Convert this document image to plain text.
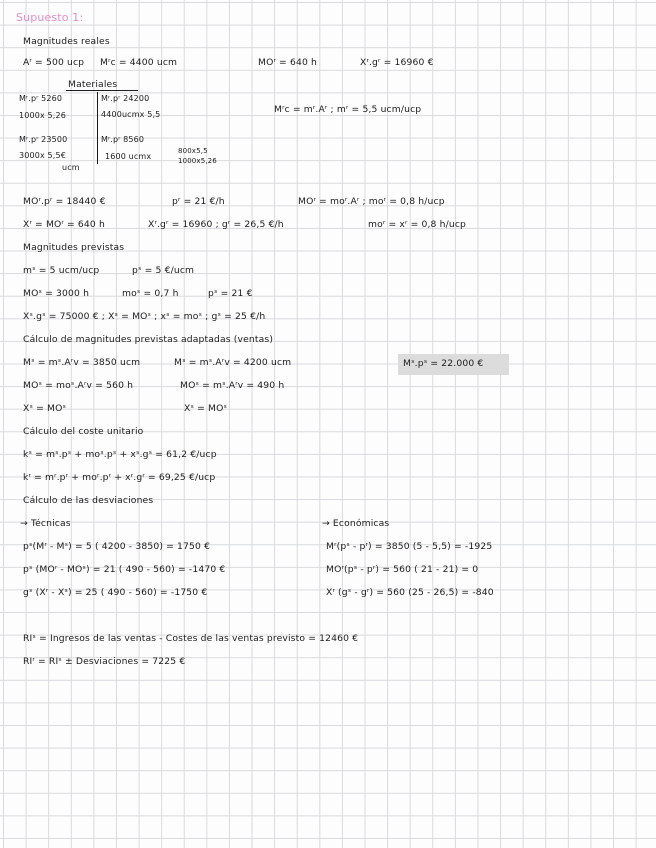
Supuesto 1:
Magnitudes reales
Aʳ = 500 ucp Mʳc = 4400 ucm	MOʳ = 640 h	Xʳ.gʳ = 16960 €
Materiales
Mʳ.pʳ 5260
1000x 5,26
Mʳ.pʳ 23500
3000x 5,5€
ucm
Mʳ.pʳ 24200
4400ucmx 5,5
Mʳ.pʳ 8560
1600 ucmx
800x5,5
1000x5,26
Mʳc = mʳ.Aʳ ; mʳ = 5,5 ucm/ucp
MOʳ.pʳ = 18440 €	pʳ = 21 €/h	MOʳ = moʳ.Aʳ ; moʳ = 0,8 h/ucp
Xʳ = MOʳ = 640 h	Xʳ.gʳ = 16960 ; gʳ = 26,5 €/h	moʳ = xʳ = 0,8 h/ucp
Magnitudes previstas
mˢ = 5 ucm/ucp	pˢ = 5 €/ucm
MOˢ = 3000 h	moˢ = 0,7 h	pˢ = 21 €
Xˢ.gˢ = 75000 € ; Xˢ = MOˢ ; xˢ = moˢ ; gˢ = 25 €/h
Cálculo de magnitudes previstas adaptadas (ventas)
Mˢ = mˢ.Aʳv = 3850 ucm	Mˢ = mˢ.Aʳv = 4200 ucm	Mˢ.pˢ = 22.000 €
MOˢ = moˢ.Aʳv = 560 h	MOˢ = mˢ.Aʳv = 490 h
Xˢ = MOˢ	Xˢ = MOˢ
Cálculo del coste unitario
kˢ = mˢ.pˢ + moˢ.pˢ + xˢ.gˢ = 61,2 €/ucp
kʳ = mʳ.pʳ + moʳ.pʳ + xʳ.gʳ = 69,25 €/ucp
Cálculo de las desviaciones
→ Técnicas
pˢ(Mʳ - Mˢ) = 5 ( 4200 - 3850) = 1750 €
pˢ (MOʳ - MOˢ) = 21 ( 490 - 560) = -1470 €
gˢ (Xʳ - Xˢ) = 25 ( 490 - 560) = -1750 €
→ Económicas
Mʳ(pˢ - pʳ) = 3850 (5 - 5,5) = -1925
MOʳ(pˢ - pʳ) = 560 ( 21 - 21) = 0
Xʳ (gˢ - gʳ) = 560 (25 - 26,5) = -840
RIˢ = Ingresos de las ventas - Costes de las ventas previsto = 12460 €
RIʳ = RIˢ ± Desviaciones = 7225 €
